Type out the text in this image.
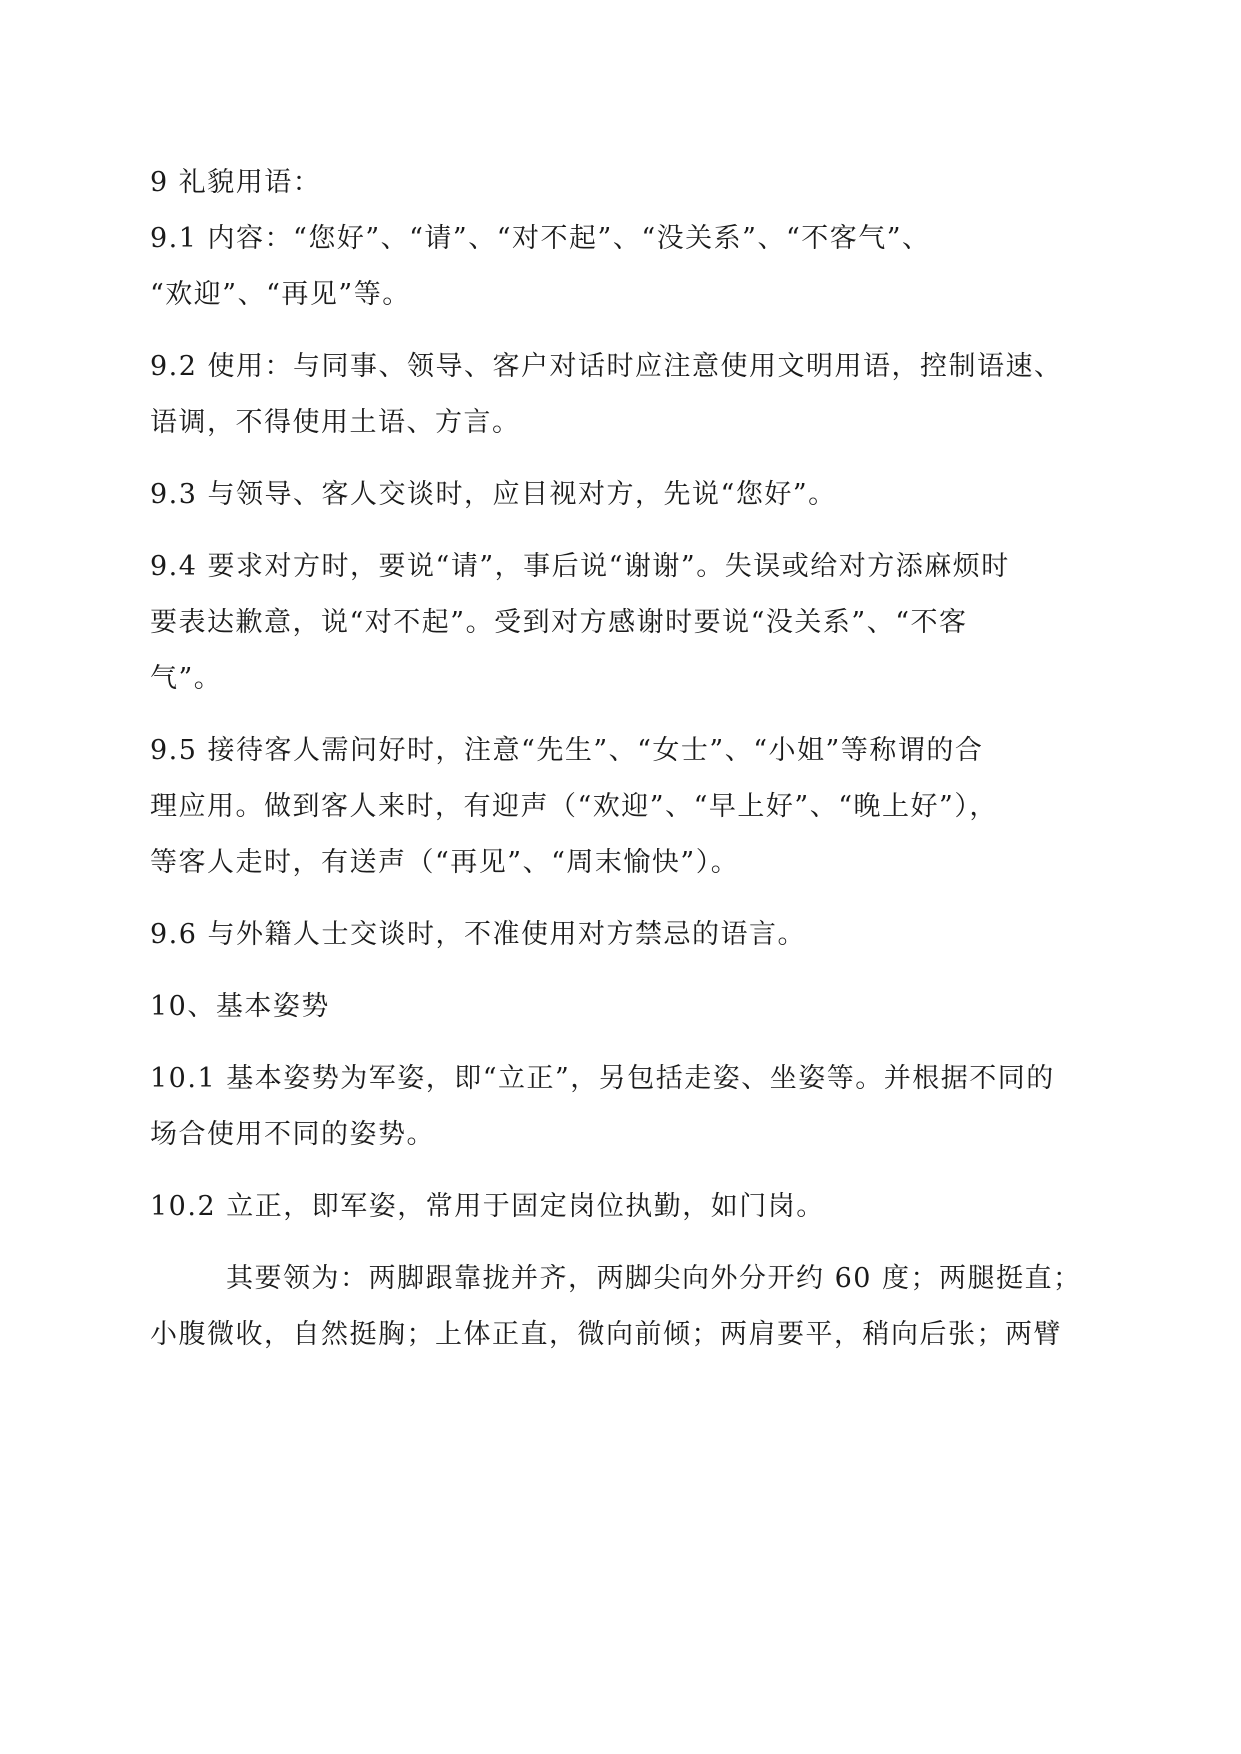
9 礼貌用语：
9.1 内容：“您好”、“请”、“对不起”、“没关系”、“不客气”、
“欢迎”、“再见”等。
9.2 使用：与同事、领导、客户对话时应注意使用文明用语，控制语速、
语调，不得使用土语、方言。
9.3 与领导、客人交谈时，应目视对方，先说“您好”。
9.4 要求对方时，要说“请”，事后说“谢谢”。失误或给对方添麻烦时
要表达歉意，说“对不起”。受到对方感谢时要说“没关系”、“不客
气”。
9.5 接待客人需问好时，注意“先生”、“女士”、“小姐”等称谓的合
理应用。做到客人来时，有迎声（“欢迎”、“早上好”、“晚上好”），
等客人走时，有送声（“再见”、“周末愉快”）。
9.6 与外籍人士交谈时，不准使用对方禁忌的语言。
10、基本姿势
10.1 基本姿势为军姿，即“立正”，另包括走姿、坐姿等。并根据不同的
场合使用不同的姿势。
10.2 立正，即军姿，常用于固定岗位执勤，如门岗。
其要领为：两脚跟靠拢并齐，两脚尖向外分开约 60 度；两腿挺直；
小腹微收，自然挺胸；上体正直，微向前倾；两肩要平，稍向后张；两臂
